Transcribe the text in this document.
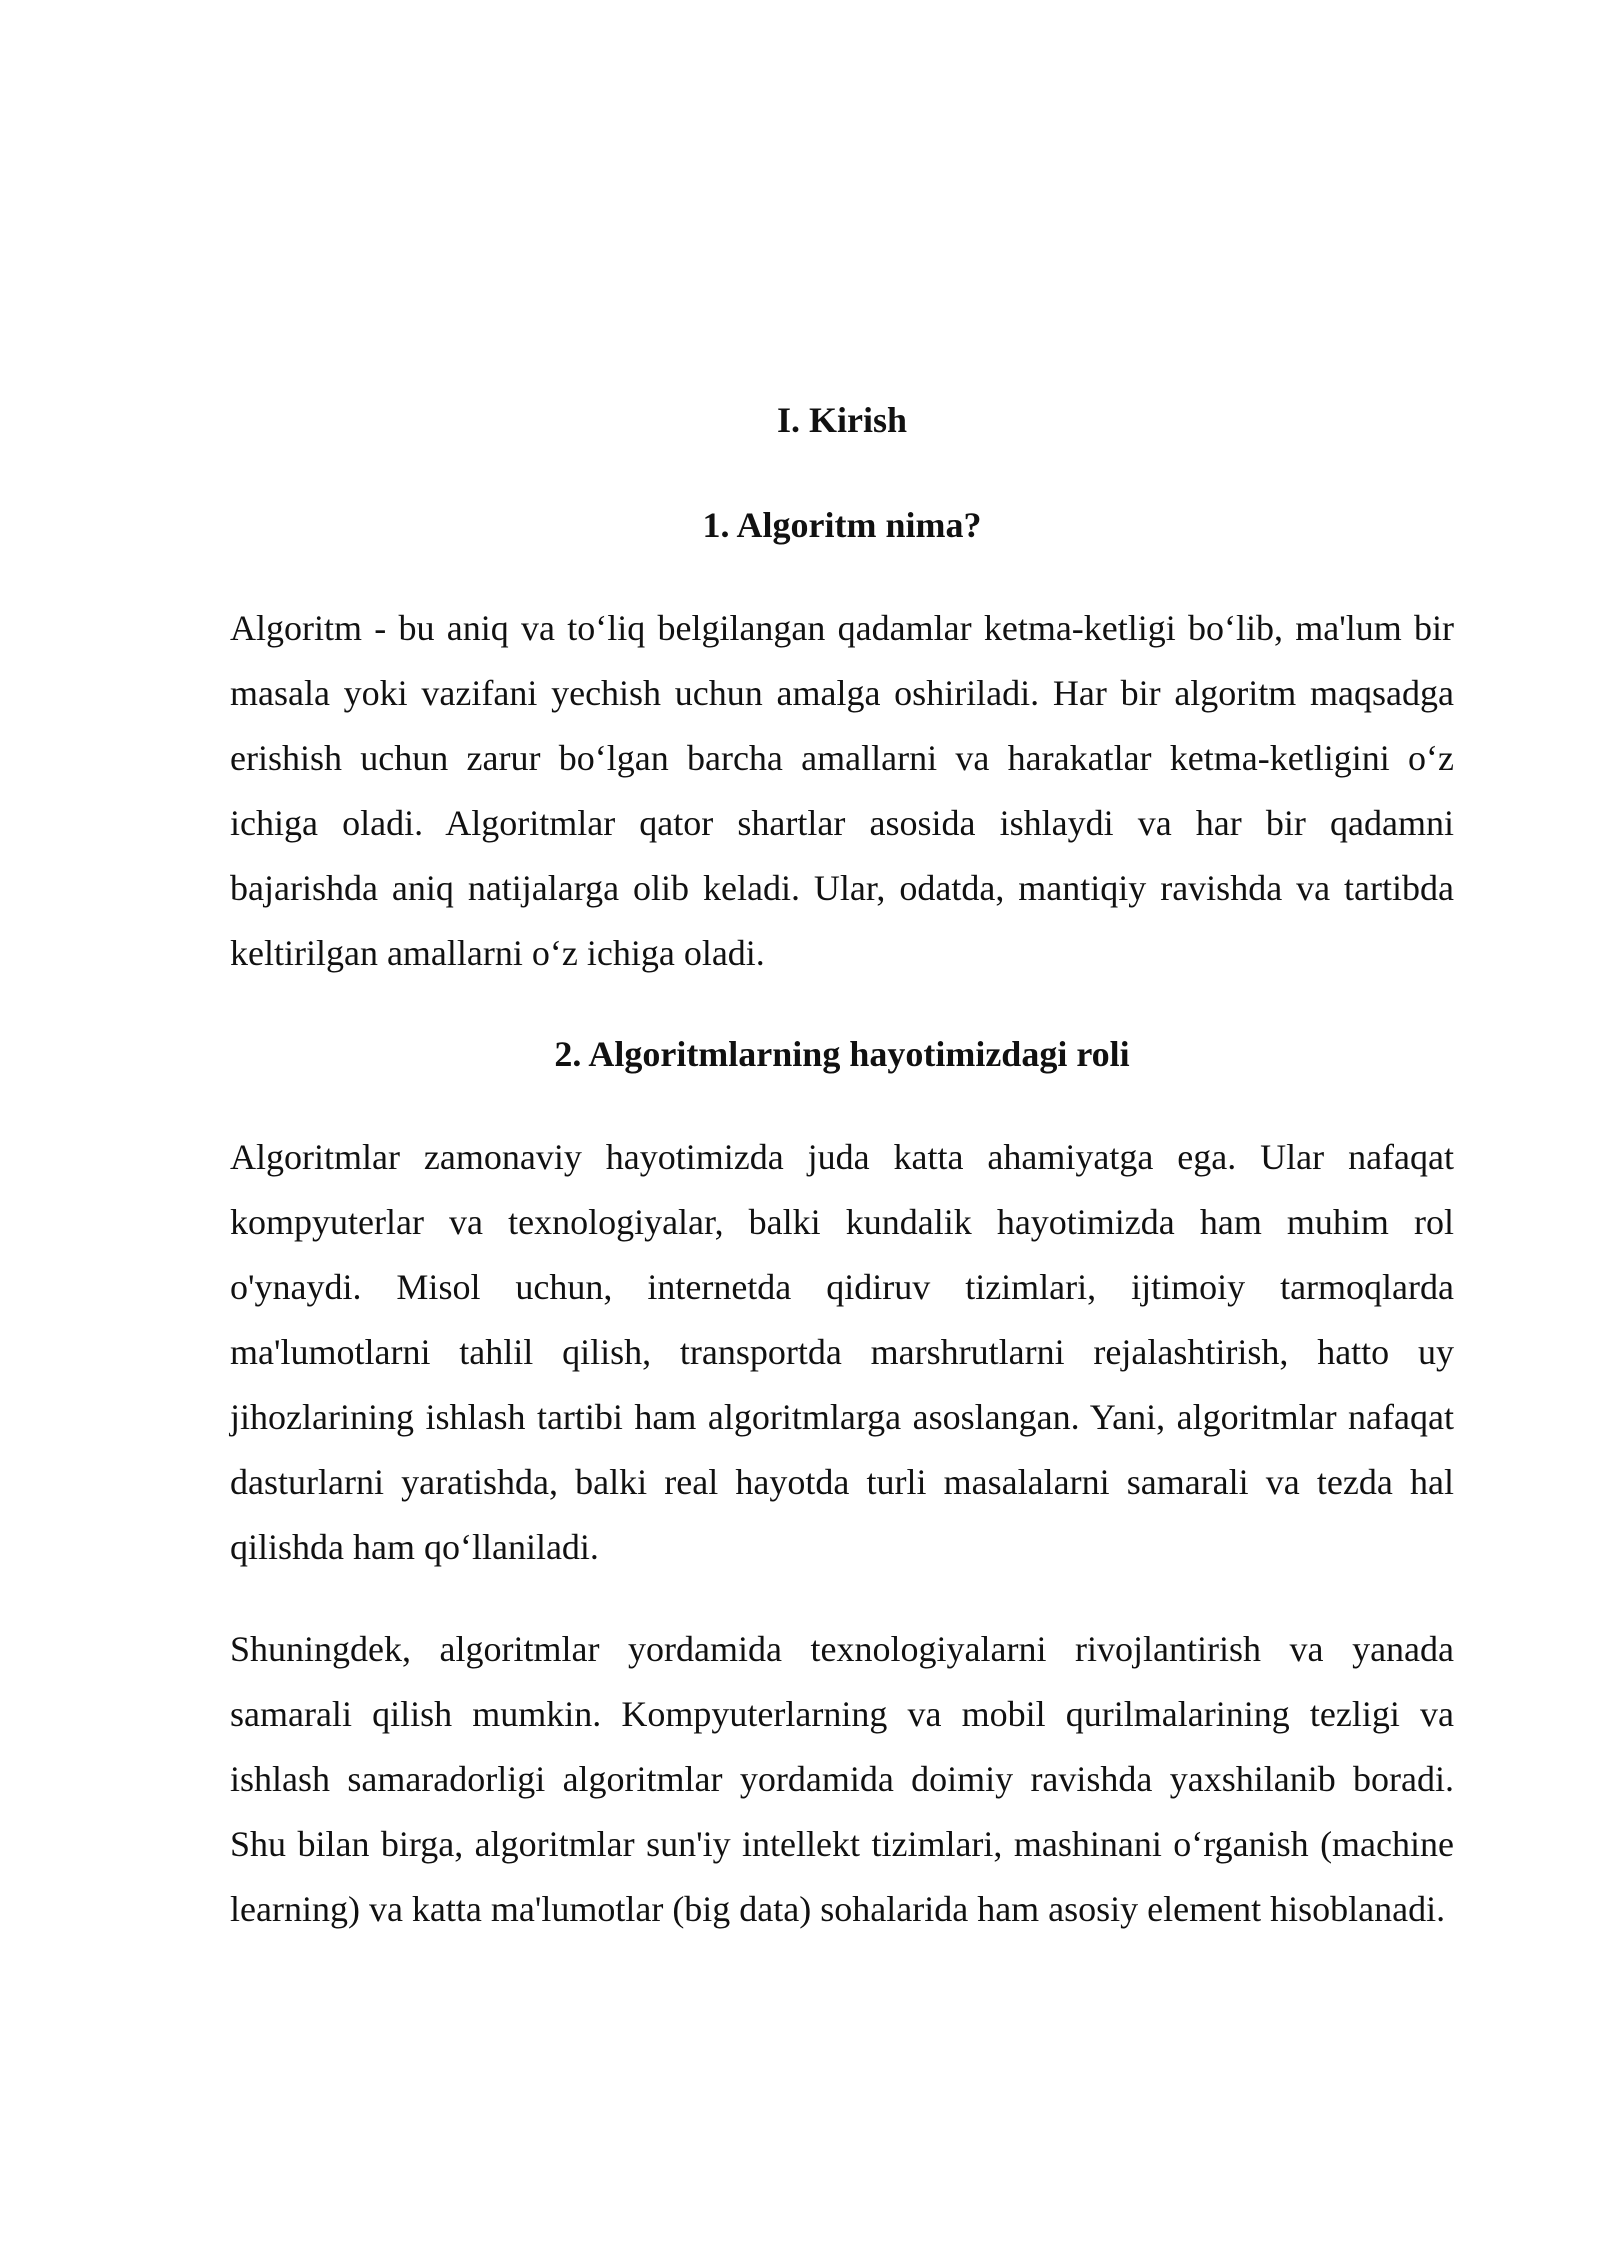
I. Kirish
1. Algoritm nima?

Algoritm - bu aniq va to‘liq belgilangan qadamlar ketma-ketligi bo‘lib, ma'lum bir masala yoki vazifani yechish uchun amalga oshiriladi. Har bir algoritm maqsadga erishish uchun zarur bo‘lgan barcha amallarni va harakatlar ketma-ketligini o‘z ichiga oladi. Algoritmlar qator shartlar asosida ishlaydi va har bir qadamni bajarishda aniq natijalarga olib keladi. Ular, odatda, mantiqiy ravishda va tartibda keltirilgan amallarni o‘z ichiga oladi.

2. Algoritmlarning hayotimizdagi roli

Algoritmlar zamonaviy hayotimizda juda katta ahamiyatga ega. Ular nafaqat kompyuterlar va texnologiyalar, balki kundalik hayotimizda ham muhim rol o'ynaydi. Misol uchun, internetda qidiruv tizimlari, ijtimoiy tarmoqlarda ma'lumotlarni tahlil qilish, transportda marshrutlarni rejalashtirish, hatto uy jihozlarining ishlash tartibi ham algoritmlarga asoslangan. Yani, algoritmlar nafaqat dasturlarni yaratishda, balki real hayotda turli masalalarni samarali va tezda hal qilishda ham qo‘llaniladi.

Shuningdek, algoritmlar yordamida texnologiyalarni rivojlantirish va yanada samarali qilish mumkin. Kompyuterlarning va mobil qurilmalarining tezligi va ishlash samaradorligi algoritmlar yordamida doimiy ravishda yaxshilanib boradi. Shu bilan birga, algoritmlar sun'iy intellekt tizimlari, mashinani o‘rganish (machine learning) va katta ma'lumotlar (big data) sohalarida ham asosiy element hisoblanadi.
